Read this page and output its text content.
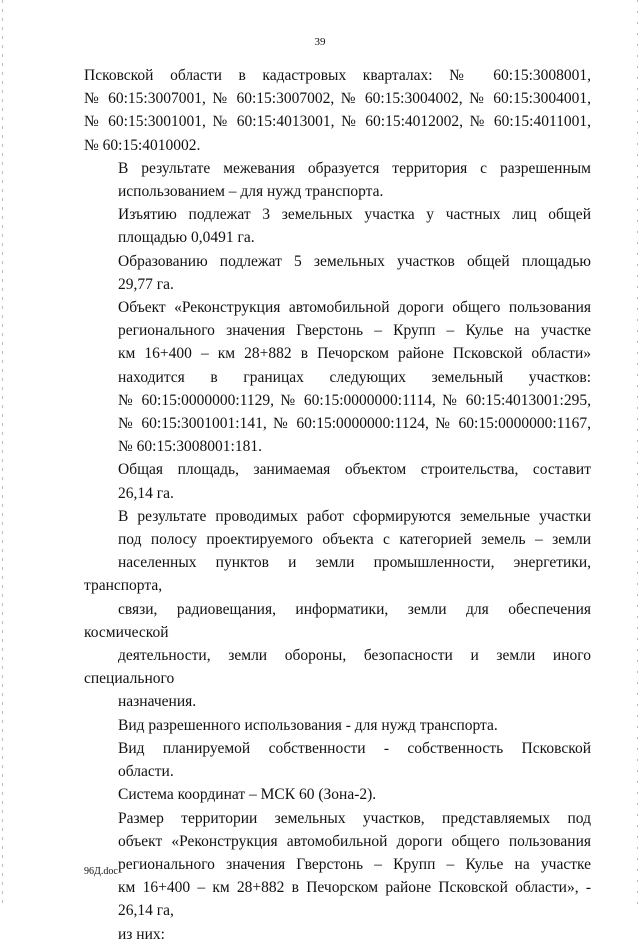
39

Псковской области в кадастровых кварталах: № 60:15:3008001,
№ 60:15:3007001, № 60:15:3007002, № 60:15:3004002, № 60:15:3004001,
№ 60:15:3001001, № 60:15:4013001, № 60:15:4012002, № 60:15:4011001,
№ 60:15:4010002.

В результате межевания образуется территория с разрешенным
использованием – для нужд транспорта.

Изъятию подлежат 3 земельных участка у частных лиц общей
площадью 0,0491 га.

Образованию подлежат 5 земельных участков общей площадью
29,77 га.

Объект «Реконструкция автомобильной дороги общего пользования
регионального значения Гверстонь – Крупп – Кулье на участке
км 16+400 – км 28+882 в Печорском районе Псковской области»
находится в границах следующих земельный участков:
№ 60:15:0000000:1129, № 60:15:0000000:1114, № 60:15:4013001:295,
№ 60:15:3001001:141, № 60:15:0000000:1124, № 60:15:0000000:1167,
№ 60:15:3008001:181.

Общая площадь, занимаемая объектом строительства, составит
26,14 га.

В результате проводимых работ сформируются земельные участки
под полосу проектируемого объекта с категорией земель – земли
населенных пунктов и земли промышленности, энергетики, транспорта,
связи, радиовещания, информатики, земли для обеспечения космической
деятельности, земли обороны, безопасности и земли иного специального
назначения.

Вид разрешенного использования - для нужд транспорта.

Вид планируемой собственности - собственность Псковской
области.

Система координат – МСК 60 (Зона-2).

Размер территории земельных участков, представляемых под
объект «Реконструкция автомобильной дороги общего пользования
регионального значения Гверстонь – Крупп – Кулье на участке
км 16+400 – км 28+882 в Печорском районе Псковской области», -
26,14 га,

из них:

96Д.doc
